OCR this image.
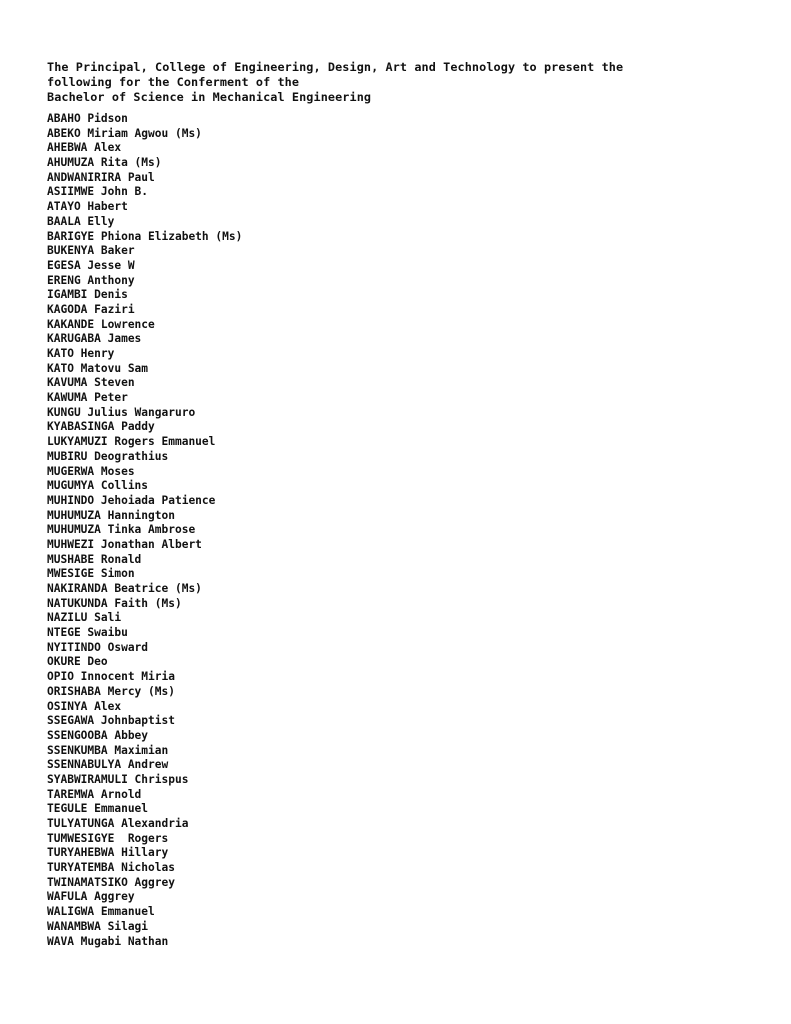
The Principal, College of Engineering, Design, Art and Technology to present the
following for the Conferment of the
Bachelor of Science in Mechanical Engineering
ABAHO Pidson
ABEKO Miriam Agwou (Ms)
AHEBWA Alex
AHUMUZA Rita (Ms)
ANDWANIRIRA Paul
ASIIMWE John B.
ATAYO Habert
BAALA Elly
BARIGYE Phiona Elizabeth (Ms)
BUKENYA Baker
EGESA Jesse W
ERENG Anthony
IGAMBI Denis
KAGODA Faziri
KAKANDE Lowrence
KARUGABA James
KATO Henry
KATO Matovu Sam
KAVUMA Steven
KAWUMA Peter
KUNGU Julius Wangaruro
KYABASINGA Paddy
LUKYAMUZI Rogers Emmanuel
MUBIRU Deograthius
MUGERWA Moses
MUGUMYA Collins
MUHINDO Jehoiada Patience
MUHUMUZA Hannington
MUHUMUZA Tinka Ambrose
MUHWEZI Jonathan Albert
MUSHABE Ronald
MWESIGE Simon
NAKIRANDA Beatrice (Ms)
NATUKUNDA Faith (Ms)
NAZILU Sali
NTEGE Swaibu
NYITINDO Osward
OKURE Deo
OPIO Innocent Miria
ORISHABA Mercy (Ms)
OSINYA Alex
SSEGAWA Johnbaptist
SSENGOOBA Abbey
SSENKUMBA Maximian
SSENNABULYA Andrew
SYABWIRAMULI Chrispus
TAREMWA Arnold
TEGULE Emmanuel
TULYATUNGA Alexandria
TUMWESIGYE  Rogers
TURYAHEBWA Hillary
TURYATEMBA Nicholas
TWINAMATSIKO Aggrey
WAFULA Aggrey
WALIGWA Emmanuel
WANAMBWA Silagi
WAVA Mugabi Nathan
